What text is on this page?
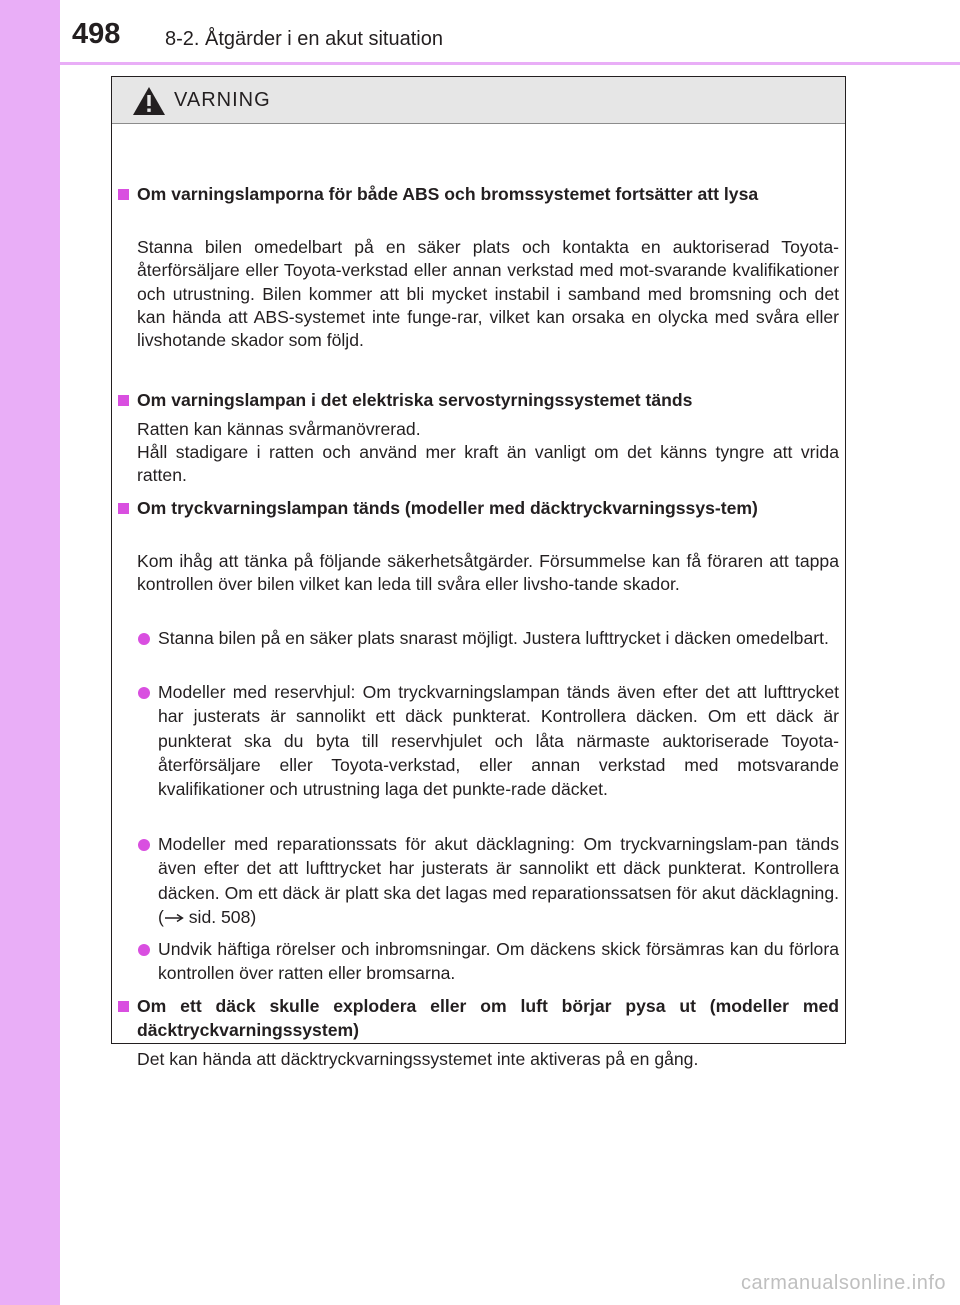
498 8-2. Åtgärder i en akut situation
VARNING
Om varningslamporna för både ABS och bromssystemet fortsätter att lysa
Stanna bilen omedelbart på en säker plats och kontakta en auktoriserad Toyota-återförsäljare eller Toyota-verkstad eller annan verkstad med mot-svarande kvalifikationer och utrustning. Bilen kommer att bli mycket instabil i samband med bromsning och det kan hända att ABS-systemet inte funge-rar, vilket kan orsaka en olycka med svåra eller livshotande skador som följd.
Om varningslampan i det elektriska servostyrningssystemet tänds
Ratten kan kännas svårmanövrerad.
Håll stadigare i ratten och använd mer kraft än vanligt om det känns tyngre att vrida ratten.
Om tryckvarningslampan tänds (modeller med däcktryckvarningssys-tem)
Kom ihåg att tänka på följande säkerhetsåtgärder. Försummelse kan få föraren att tappa kontrollen över bilen vilket kan leda till svåra eller livsho-tande skador.
Stanna bilen på en säker plats snarast möjligt. Justera lufttrycket i däcken omedelbart.
Modeller med reservhjul: Om tryckvarningslampan tänds även efter det att lufttrycket har justerats är sannolikt ett däck punkterat. Kontrollera däcken. Om ett däck är punkterat ska du byta till reservhjulet och låta närmaste auktoriserade Toyota-återförsäljare eller Toyota-verkstad, eller annan verkstad med motsvarande kvalifikationer och utrustning laga det punkte-rade däcket.
Modeller med reparationssats för akut däcklagning: Om tryckvarningslam-pan tänds även efter det att lufttrycket har justerats är sannolikt ett däck punkterat. Kontrollera däcken. Om ett däck är platt ska det lagas med reparationssatsen för akut däcklagning. ( sid. 508)
Undvik häftiga rörelser och inbromsningar. Om däckens skick försämras kan du förlora kontrollen över ratten eller bromsarna.
Om ett däck skulle explodera eller om luft börjar pysa ut (modeller med däcktryckvarningssystem)
Det kan hända att däcktryckvarningssystemet inte aktiveras på en gång.
carmanualsonline.info
